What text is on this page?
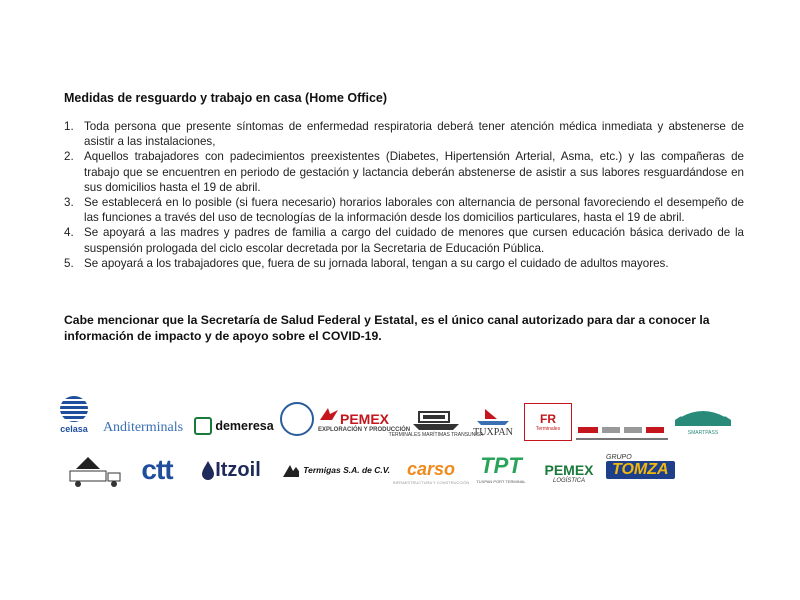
Medidas de resguardo y trabajo en casa (Home Office)
1. Toda persona que presente síntomas de enfermedad respiratoria deberá tener atención médica inmediata y abstenerse de asistir a las instalaciones,
2. Aquellos trabajadores con padecimientos preexistentes (Diabetes, Hipertensión Arterial, Asma, etc.) y las compañeras de trabajo que se encuentren en periodo de gestación y lactancia deberán abstenerse de asistir a sus labores resguardándose en sus domicilios hasta el 19 de abril.
3. Se establecerá en lo posible (si fuera necesario) horarios laborales con alternancia de personal favoreciendo el desempeño de las funciones a través del uso de tecnologías de la información desde los domicilios particulares, hasta el 19 de abril.
4. Se apoyará a las madres y padres de familia a cargo del cuidado de menores que cursen educación básica derivado de la suspensión prologada del ciclo escolar decretada por la Secretaria de Educación Pública.
5. Se apoyará a los trabajadores que, fuera de su jornada laboral, tengan a su cargo el cuidado de adultos mayores.
Cabe mencionar que la Secretaría de Salud Federal y Estatal, es el único canal autorizado para dar a conocer la información de impacto y de apoyo sobre el COVID-19.
celasa Anditerminals	demeresa	PEMEX
EXPLORACIÓN Y PRODUCCIÓN
TERMINALES MARÍTIMAS TRANSUNISA
TUXPAN
FR
Terminales
SMARTPASS
ctt Itzoil	Termigas S.A. de C.V. carso
INFRAESTRUCTURA Y CONSTRUCCIÓN
TPT
TUXPAN PORT TERMINAL
PEMEX
LOGÍSTICA
GRUPO
TOMZA
